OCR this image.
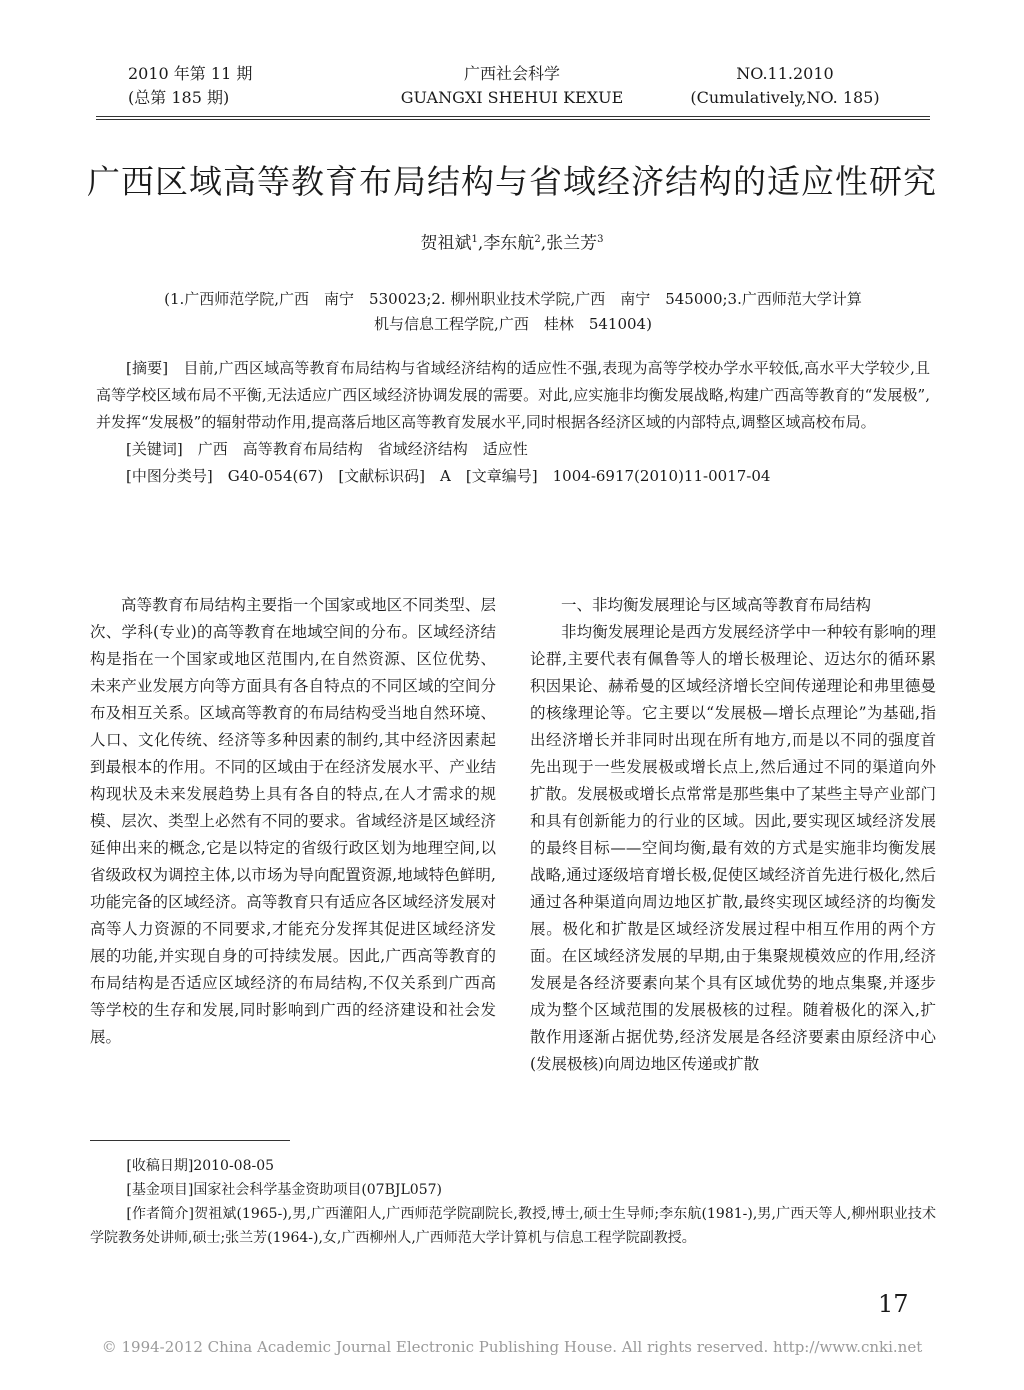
2010 年第 11 期
(总第 185 期)
广西社会科学
GUANGXI SHEHUI KEXUE
NO.11.2010
(Cumulatively,NO. 185)
广西区域高等教育布局结构与省域经济结构的适应性研究
贺祖斌$^1$,李东航$^2$,张兰芳$^3$
(1.广西师范学院,广西　南宁　530023;2. 柳州职业技术学院,广西　南宁　545000;3.广西师范大学计算
机与信息工程学院,广西　桂林　541004)

[摘要]　 目前,广西区域高等教育布局结构与省域经济结构的适应性不强,表现为高等学校办学水平较低,高水平大学较少,且高等学校区域布局不平衡,无法适应广西区域经济协调发展的需要。对此,应实施非均衡发展战略,构建广西高等教育的“发展极”,并发挥“发展极”的辐射带动作用,提高落后地区高等教育发展水平,同时根据各经济区域的内部特点,调整区域高校布局。

[关键词]　 广西　高等教育布局结构　省域经济结构　适应性

[中图分类号]　 G40-054(67)　 [文献标识码]　 A　 [文章编号]　 1004-6917(2010)11-0017-04

高等教育布局结构主要指一个国家或地区不同类型、层次、学科(专业)的高等教育在地域空间的分布。区域经济结构是指在一个国家或地区范围内,在自然资源、区位优势、未来产业发展方向等方面具有各自特点的不同区域的空间分布及相互关系。区域高等教育的布局结构受当地自然环境、人口、文化传统、经济等多种因素的制约,其中经济因素起到最根本的作用。不同的区域由于在经济发展水平、产业结构现状及未来发展趋势上具有各自的特点,在人才需求的规模、层次、类型上必然有不同的要求。省域经济是区域经济延伸出来的概念,它是以特定的省级行政区划为地理空间,以省级政权为调控主体,以市场为导向配置资源,地域特色鲜明,功能完备的区域经济。高等教育只有适应各区域经济发展对高等人力资源的不同要求,才能充分发挥其促进区域经济发展的功能,并实现自身的可持续发展。因此,广西高等教育的布局结构是否适应区域经济的布局结构,不仅关系到广西高等学校的生存和发展,同时影响到广西的经济建设和社会发展。

一、非均衡发展理论与区域高等教育布局结构

非均衡发展理论是西方发展经济学中一种较有影响的理论群,主要代表有佩鲁等人的增长极理论、迈达尔的循环累积因果论、赫希曼的区域经济增长空间传递理论和弗里德曼的核缘理论等。它主要以“发展极—增长点理论”为基础,指出经济增长并非同时出现在所有地方,而是以不同的强度首先出现于一些发展极或增长点上,然后通过不同的渠道向外扩散。发展极或增长点常常是那些集中了某些主导产业部门和具有创新能力的行业的区域。因此,要实现区域经济发展的最终目标——空间均衡,最有效的方式是实施非均衡发展战略,通过逐级培育增长极,促使区域经济首先进行极化,然后通过各种渠道向周边地区扩散,最终实现区域经济的均衡发展。极化和扩散是区域经济发展过程中相互作用的两个方面。在区域经济发展的早期,由于集聚规模效应的作用,经济发展是各经济要素向某个具有区域优势的地点集聚,并逐步成为整个区域范围的发展极核的过程。随着极化的深入,扩散作用逐渐占据优势,经济发展是各经济要素由原经济中心(发展极核)向周边地区传递或扩散

[收稿日期]2010-08-05

[基金项目]国家社会科学基金资助项目(07BJL057)

[作者简介]贺祖斌(1965-),男,广西灌阳人,广西师范学院副院长,教授,博士,硕士生导师;李东航(1981-),男,广西天等人,柳州职业技术学院教务处讲师,硕士;张兰芳(1964-),女,广西柳州人,广西师范大学计算机与信息工程学院副教授。

17
© 1994-2012 China Academic Journal Electronic Publishing House. All rights reserved. http://www.cnki.net
